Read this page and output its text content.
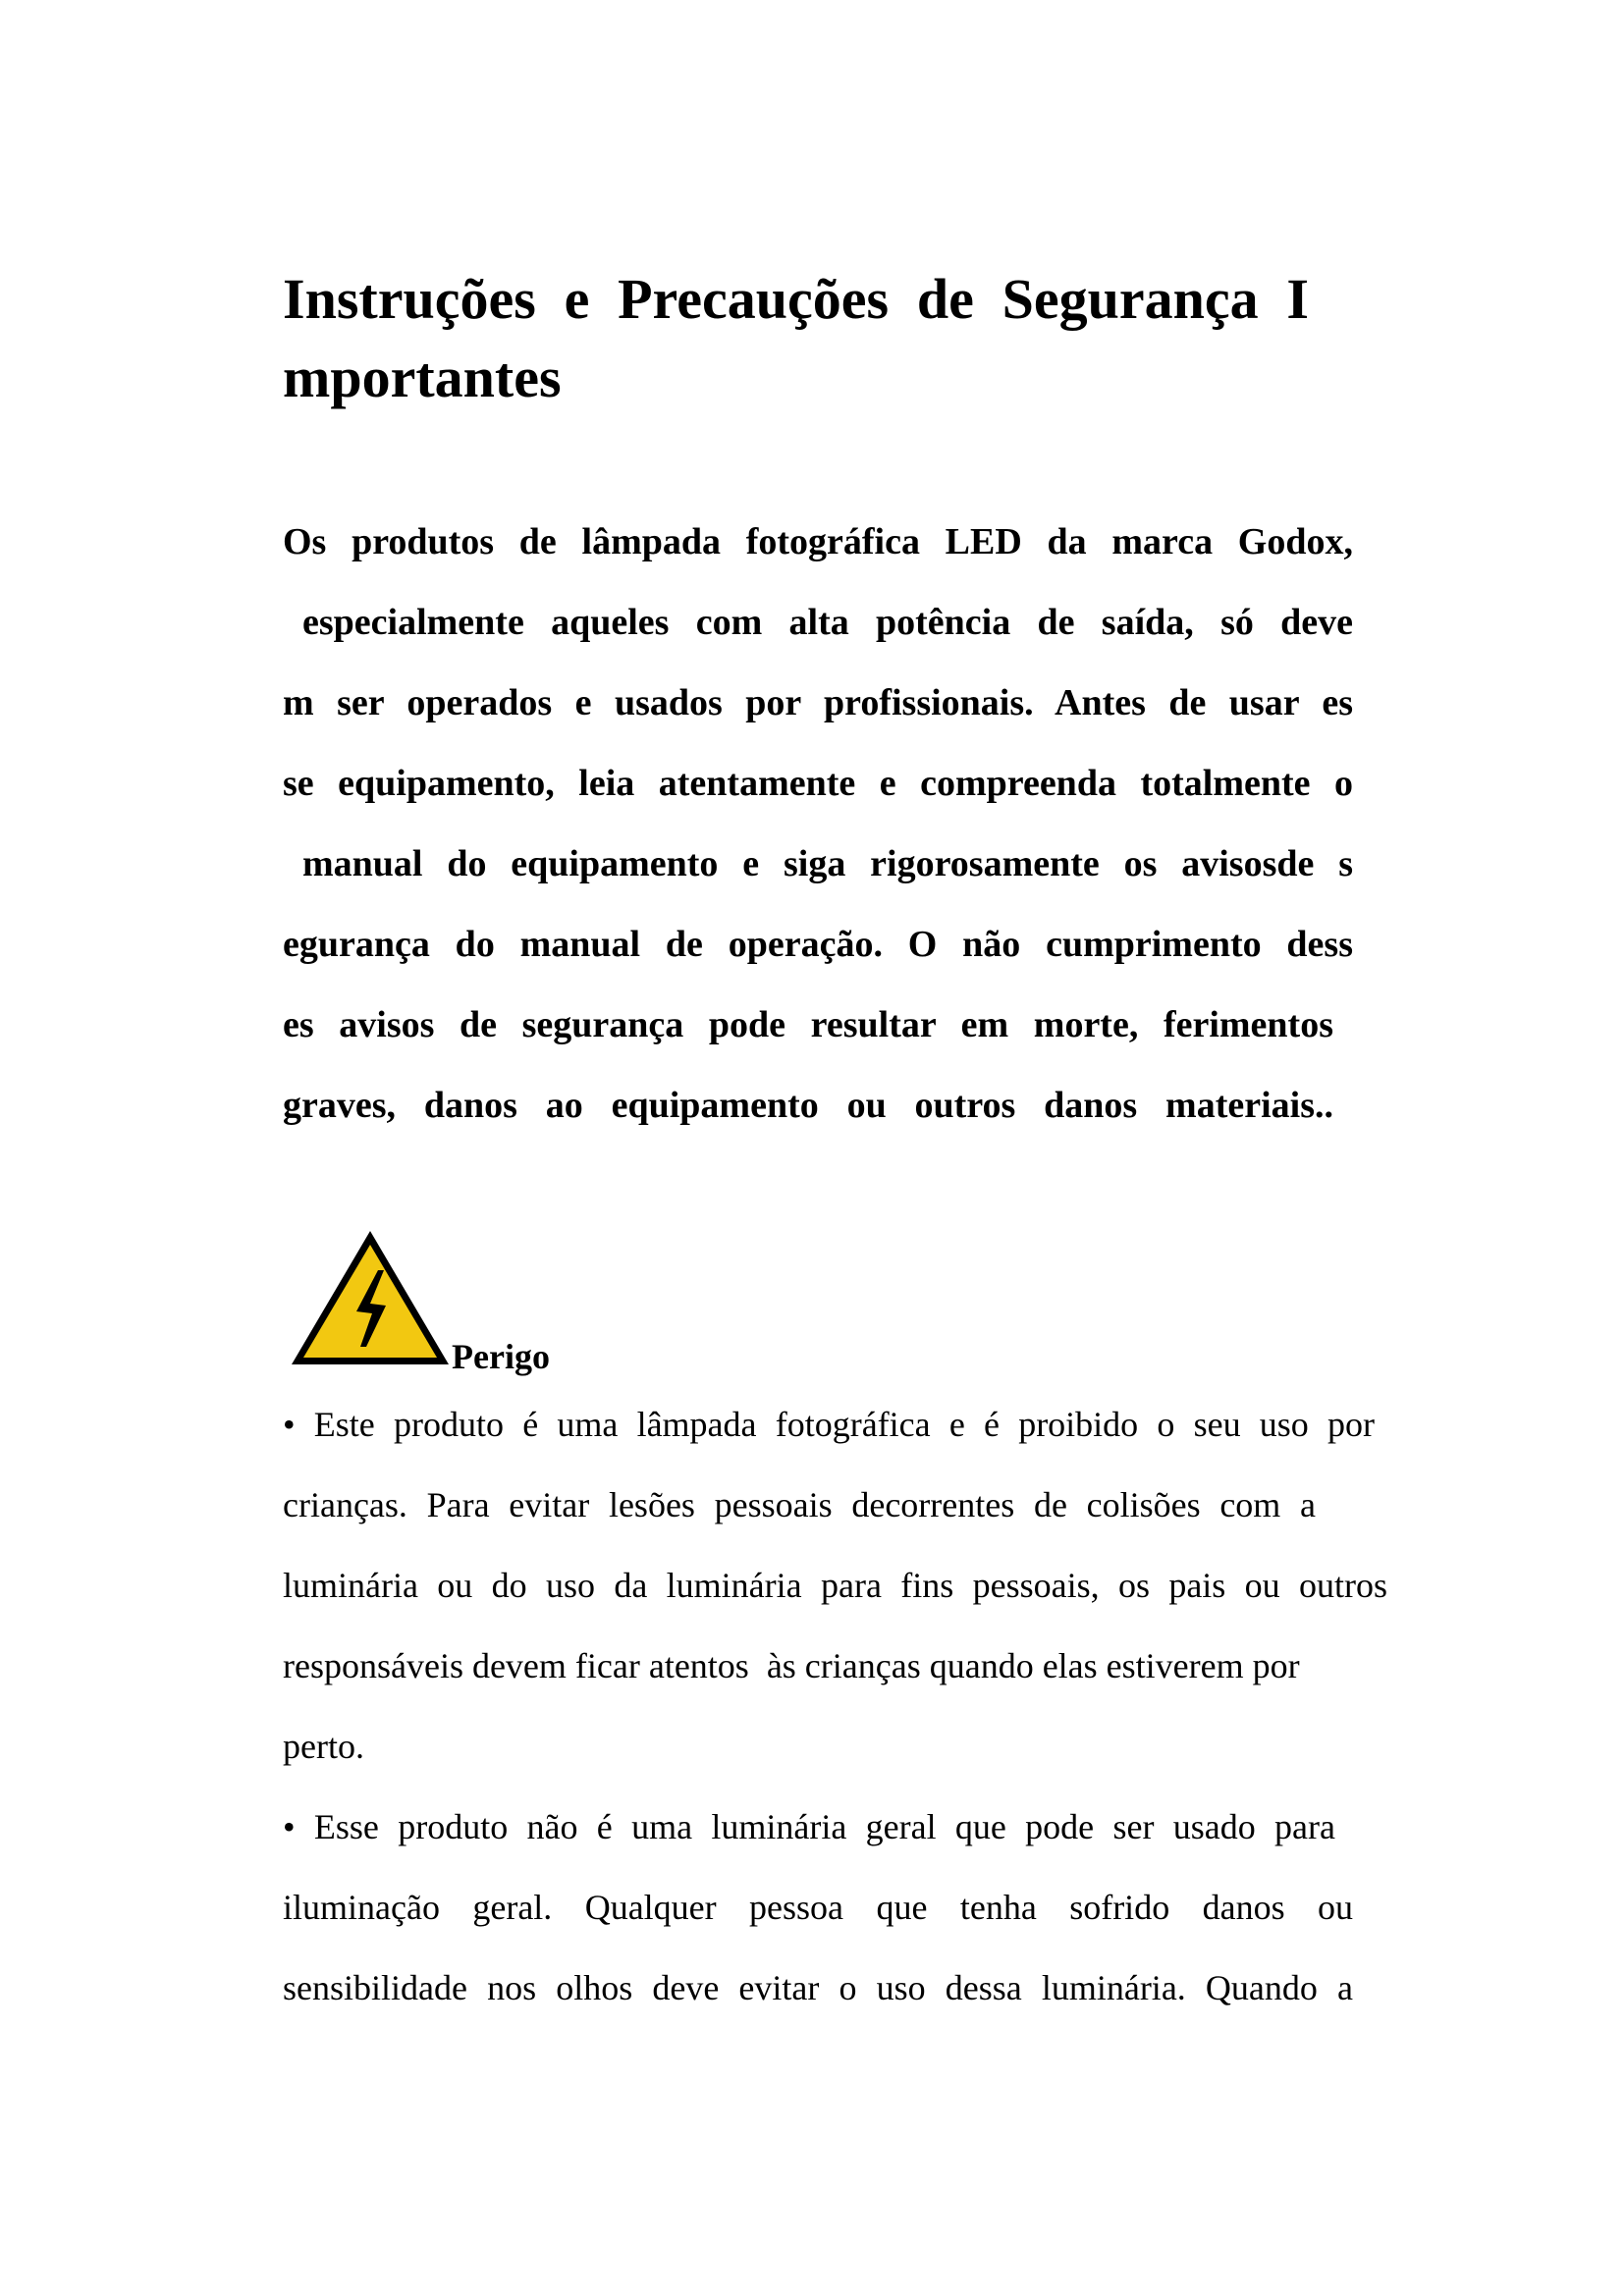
Instruções e Precauções de Segurança I
mportantes
Os produtos de lâmpada fotográfica LED da marca Godox,
especialmente aqueles com alta potência de saída, só deve
m ser operados e usados por profissionais. Antes de usar es
se equipamento, leia atentamente e compreenda totalmente o
manual do equipamento e siga rigorosamente os avisosde s
egurança do manual de operação. O não cumprimento dess
es avisos de segurança pode resultar em morte, ferimentos
graves, danos ao equipamento ou outros danos materiais..
Perigo
• Este produto é uma lâmpada fotográfica e é proibido o seu uso por
crianças. Para evitar lesões pessoais decorrentes de colisões com a
luminária ou do uso da luminária para fins pessoais, os pais ou outros
responsáveis devem ficar atentos  às crianças quando elas estiverem por
perto.
• Esse produto não é uma luminária geral que pode ser usado para
iluminação geral. Qualquer pessoa que tenha sofrido danos ou
sensibilidade nos olhos deve evitar o uso dessa luminária. Quando a
